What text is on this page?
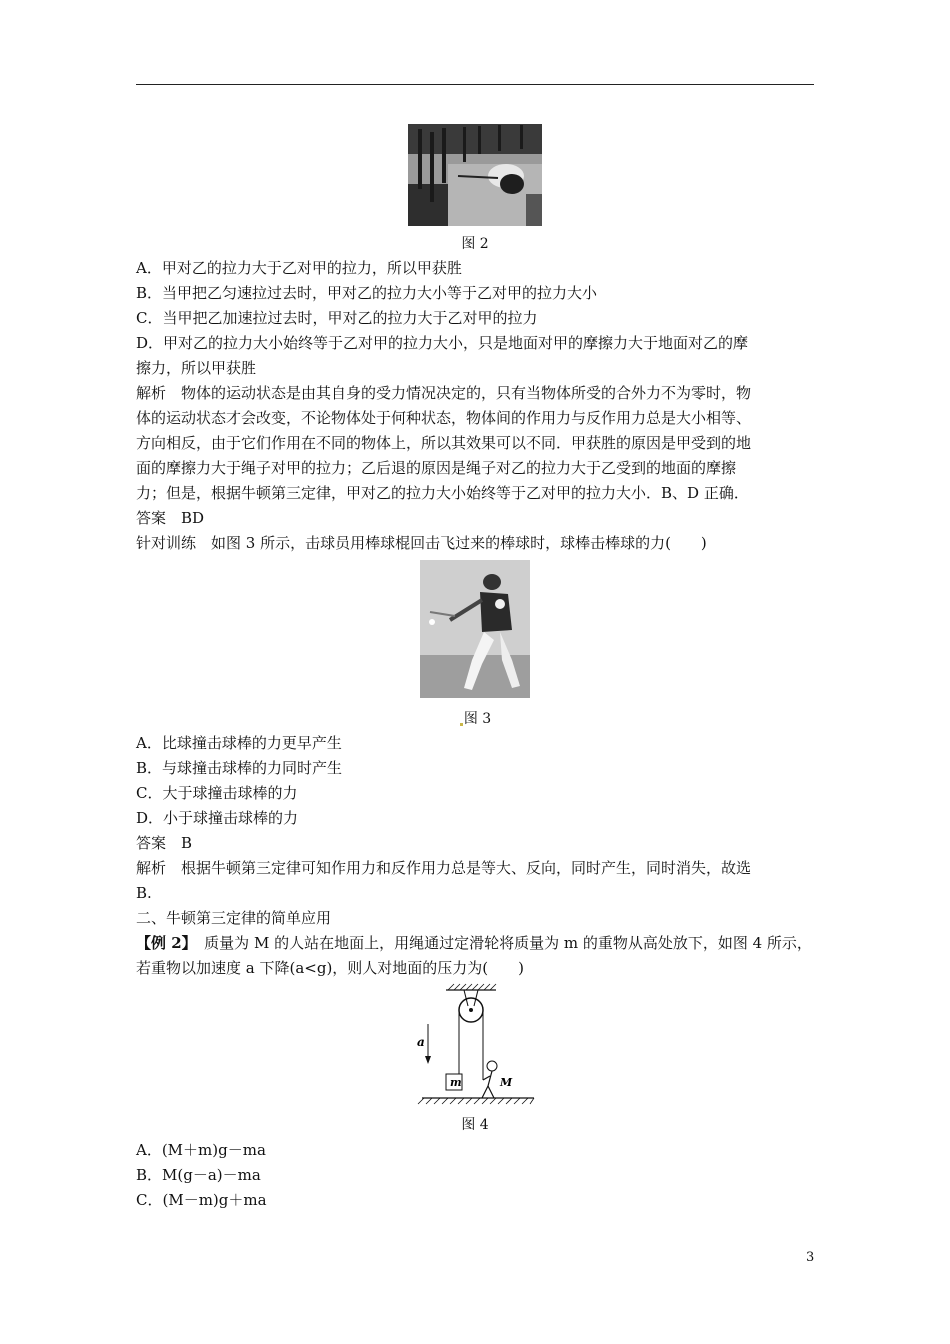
图 2
A．甲对乙的拉力大于乙对甲的拉力，所以甲获胜
B．当甲把乙匀速拉过去时，甲对乙的拉力大小等于乙对甲的拉力大小
C．当甲把乙加速拉过去时，甲对乙的拉力大于乙对甲的拉力
D．甲对乙的拉力大小始终等于乙对甲的拉力大小，只是地面对甲的摩擦力大于地面对乙的摩
擦力，所以甲获胜
解析　物体的运动状态是由其自身的受力情况决定的，只有当物体所受的合外力不为零时，物
体的运动状态才会改变，不论物体处于何种状态，物体间的作用力与反作用力总是大小相等、
方向相反，由于它们作用在不同的物体上，所以其效果可以不同．甲获胜的原因是甲受到的地
面的摩擦力大于绳子对甲的拉力；乙后退的原因是绳子对乙的拉力大于乙受到的地面的摩擦
力；但是，根据牛顿第三定律，甲对乙的拉力大小始终等于乙对甲的拉力大小．B、D 正确．
答案　BD
针对训练　如图 3 所示，击球员用棒球棍回击飞过来的棒球时，球棒击棒球的力(　　)
图 3
A．比球撞击球棒的力更早产生
B．与球撞击球棒的力同时产生
C．大于球撞击球棒的力
D．小于球撞击球棒的力
答案　B
解析　根据牛顿第三定律可知作用力和反作用力总是等大、反向，同时产生，同时消失，故选
B.
二、牛顿第三定律的简单应用
【例 2】　质量为 M 的人站在地面上，用绳通过定滑轮将质量为 m 的重物从高处放下，如图 4 所示，
若重物以加速度 a 下降(a<g)，则人对地面的压力为(　　)
m
a
M
图 4
A．(M＋m)g－ma
B．M(g－a)－ma
C．(M－m)g＋ma
3
